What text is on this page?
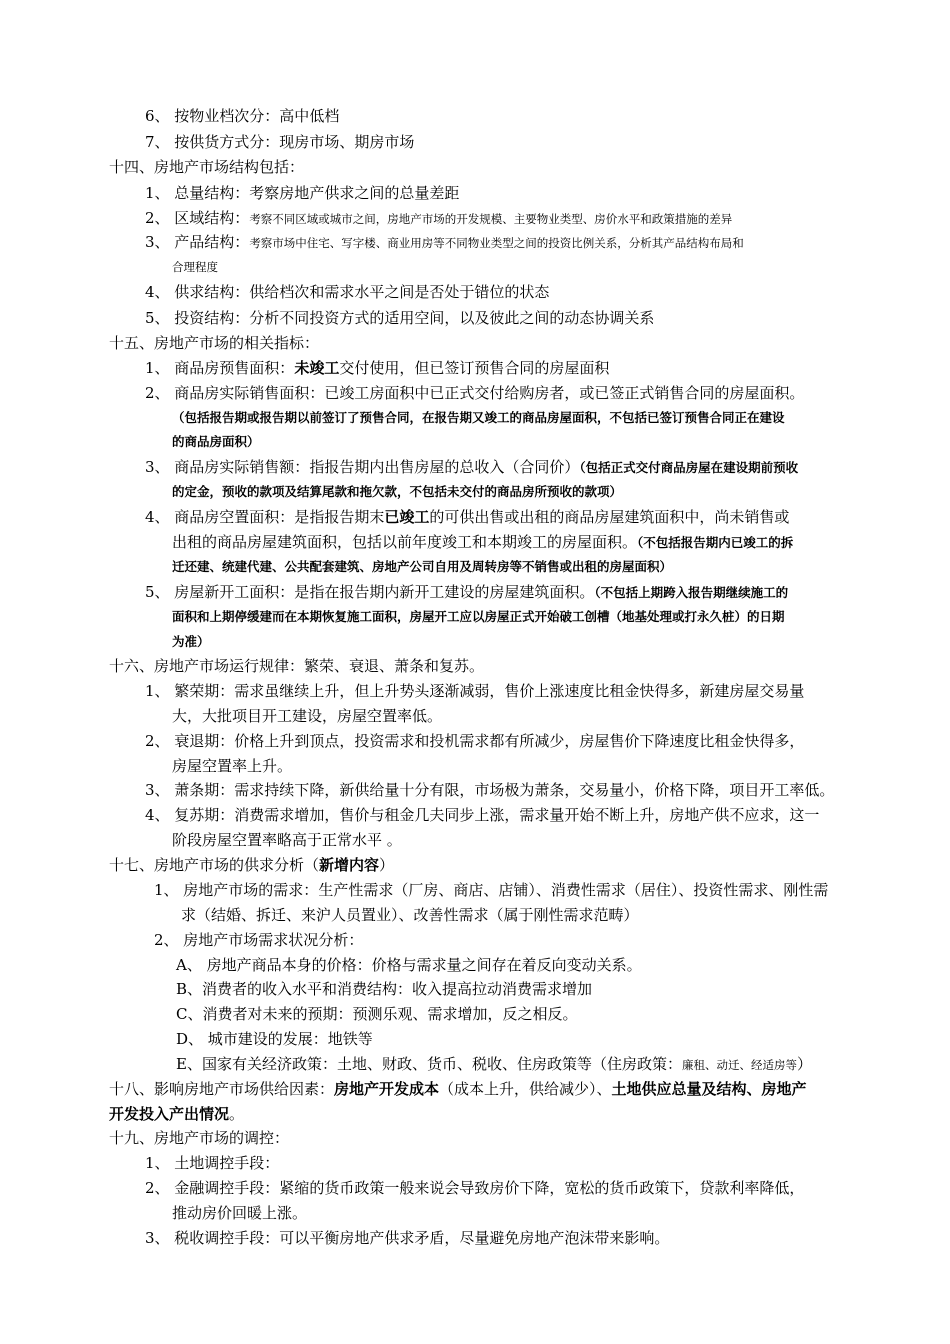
6、 按物业档次分：高中低档
7、 按供货方式分：现房市场、期房市场
十四、房地产市场结构包括：
1、 总量结构：考察房地产供求之间的总量差距
2、 区域结构：考察不同区域或城市之间，房地产市场的开发规模、主要物业类型、房价水平和政策措施的差异
3、 产品结构：考察市场中住宅、写字楼、商业用房等不同物业类型之间的投资比例关系，分析其产品结构布局和
合理程度
4、 供求结构：供给档次和需求水平之间是否处于错位的状态
5、 投资结构：分析不同投资方式的适用空间，以及彼此之间的动态协调关系
十五、房地产市场的相关指标：
1、 商品房预售面积：未竣工交付使用，但已签订预售合同的房屋面积
2、 商品房实际销售面积：已竣工房面积中已正式交付给购房者，或已签正式销售合同的房屋面积。
（包括报告期或报告期以前签订了预售合同，在报告期又竣工的商品房屋面积，不包括已签订预售合同正在建设
的商品房面积）
3、 商品房实际销售额：指报告期内出售房屋的总收入（合同价）（包括正式交付商品房屋在建设期前预收
的定金，预收的款项及结算尾款和拖欠款，不包括未交付的商品房所预收的款项）
4、 商品房空置面积：是指报告期末已竣工的可供出售或出租的商品房屋建筑面积中，尚未销售或
出租的商品房屋建筑面积，包括以前年度竣工和本期竣工的房屋面积。（不包括报告期内已竣工的拆
迁还建、统建代建、公共配套建筑、房地产公司自用及周转房等不销售或出租的房屋面积）
5、 房屋新开工面积：是指在报告期内新开工建设的房屋建筑面积。（不包括上期跨入报告期继续施工的
面积和上期停缓建而在本期恢复施工面积，房屋开工应以房屋正式开始破工创槽（地基处理或打永久桩）的日期
为准）
十六、房地产市场运行规律：繁荣、衰退、萧条和复苏。
1、 繁荣期：需求虽继续上升，但上升势头逐渐减弱，售价上涨速度比租金快得多，新建房屋交易量
大，大批项目开工建设，房屋空置率低。
2、 衰退期：价格上升到顶点，投资需求和投机需求都有所减少，房屋售价下降速度比租金快得多，
房屋空置率上升。
3、 萧条期：需求持续下降，新供给量十分有限，市场极为萧条，交易量小，价格下降，项目开工率低。
4、 复苏期：消费需求增加，售价与租金几夫同步上涨，需求量开始不断上升，房地产供不应求，这一
阶段房屋空置率略高于正常水平 。
十七、房地产市场的供求分析（新增内容）
1、 房地产市场的需求：生产性需求（厂房、商店、店铺）、消费性需求（居住）、投资性需求、刚性需
求（结婚、拆迁、来沪人员置业）、改善性需求（属于刚性需求范畴）
2、 房地产市场需求状况分析：
A、 房地产商品本身的价格：价格与需求量之间存在着反向变动关系。
B、消费者的收入水平和消费结构：收入提高拉动消费需求增加
C、消费者对未来的预期：预测乐观、需求增加，反之相反。
D、 城市建设的发展：地铁等
E、国家有关经济政策：土地、财政、货币、税收、住房政策等（住房政策：廉租、动迁、经适房等）
十八、影响房地产市场供给因素：房地产开发成本（成本上升，供给减少）、土地供应总量及结构、房地产
开发投入产出情况。
十九、房地产市场的调控：
1、 土地调控手段：
2、 金融调控手段：紧缩的货币政策一般来说会导致房价下降，宽松的货币政策下，贷款利率降低，
推动房价回暖上涨。
3、 税收调控手段：可以平衡房地产供求矛盾，尽量避免房地产泡沫带来影响。
